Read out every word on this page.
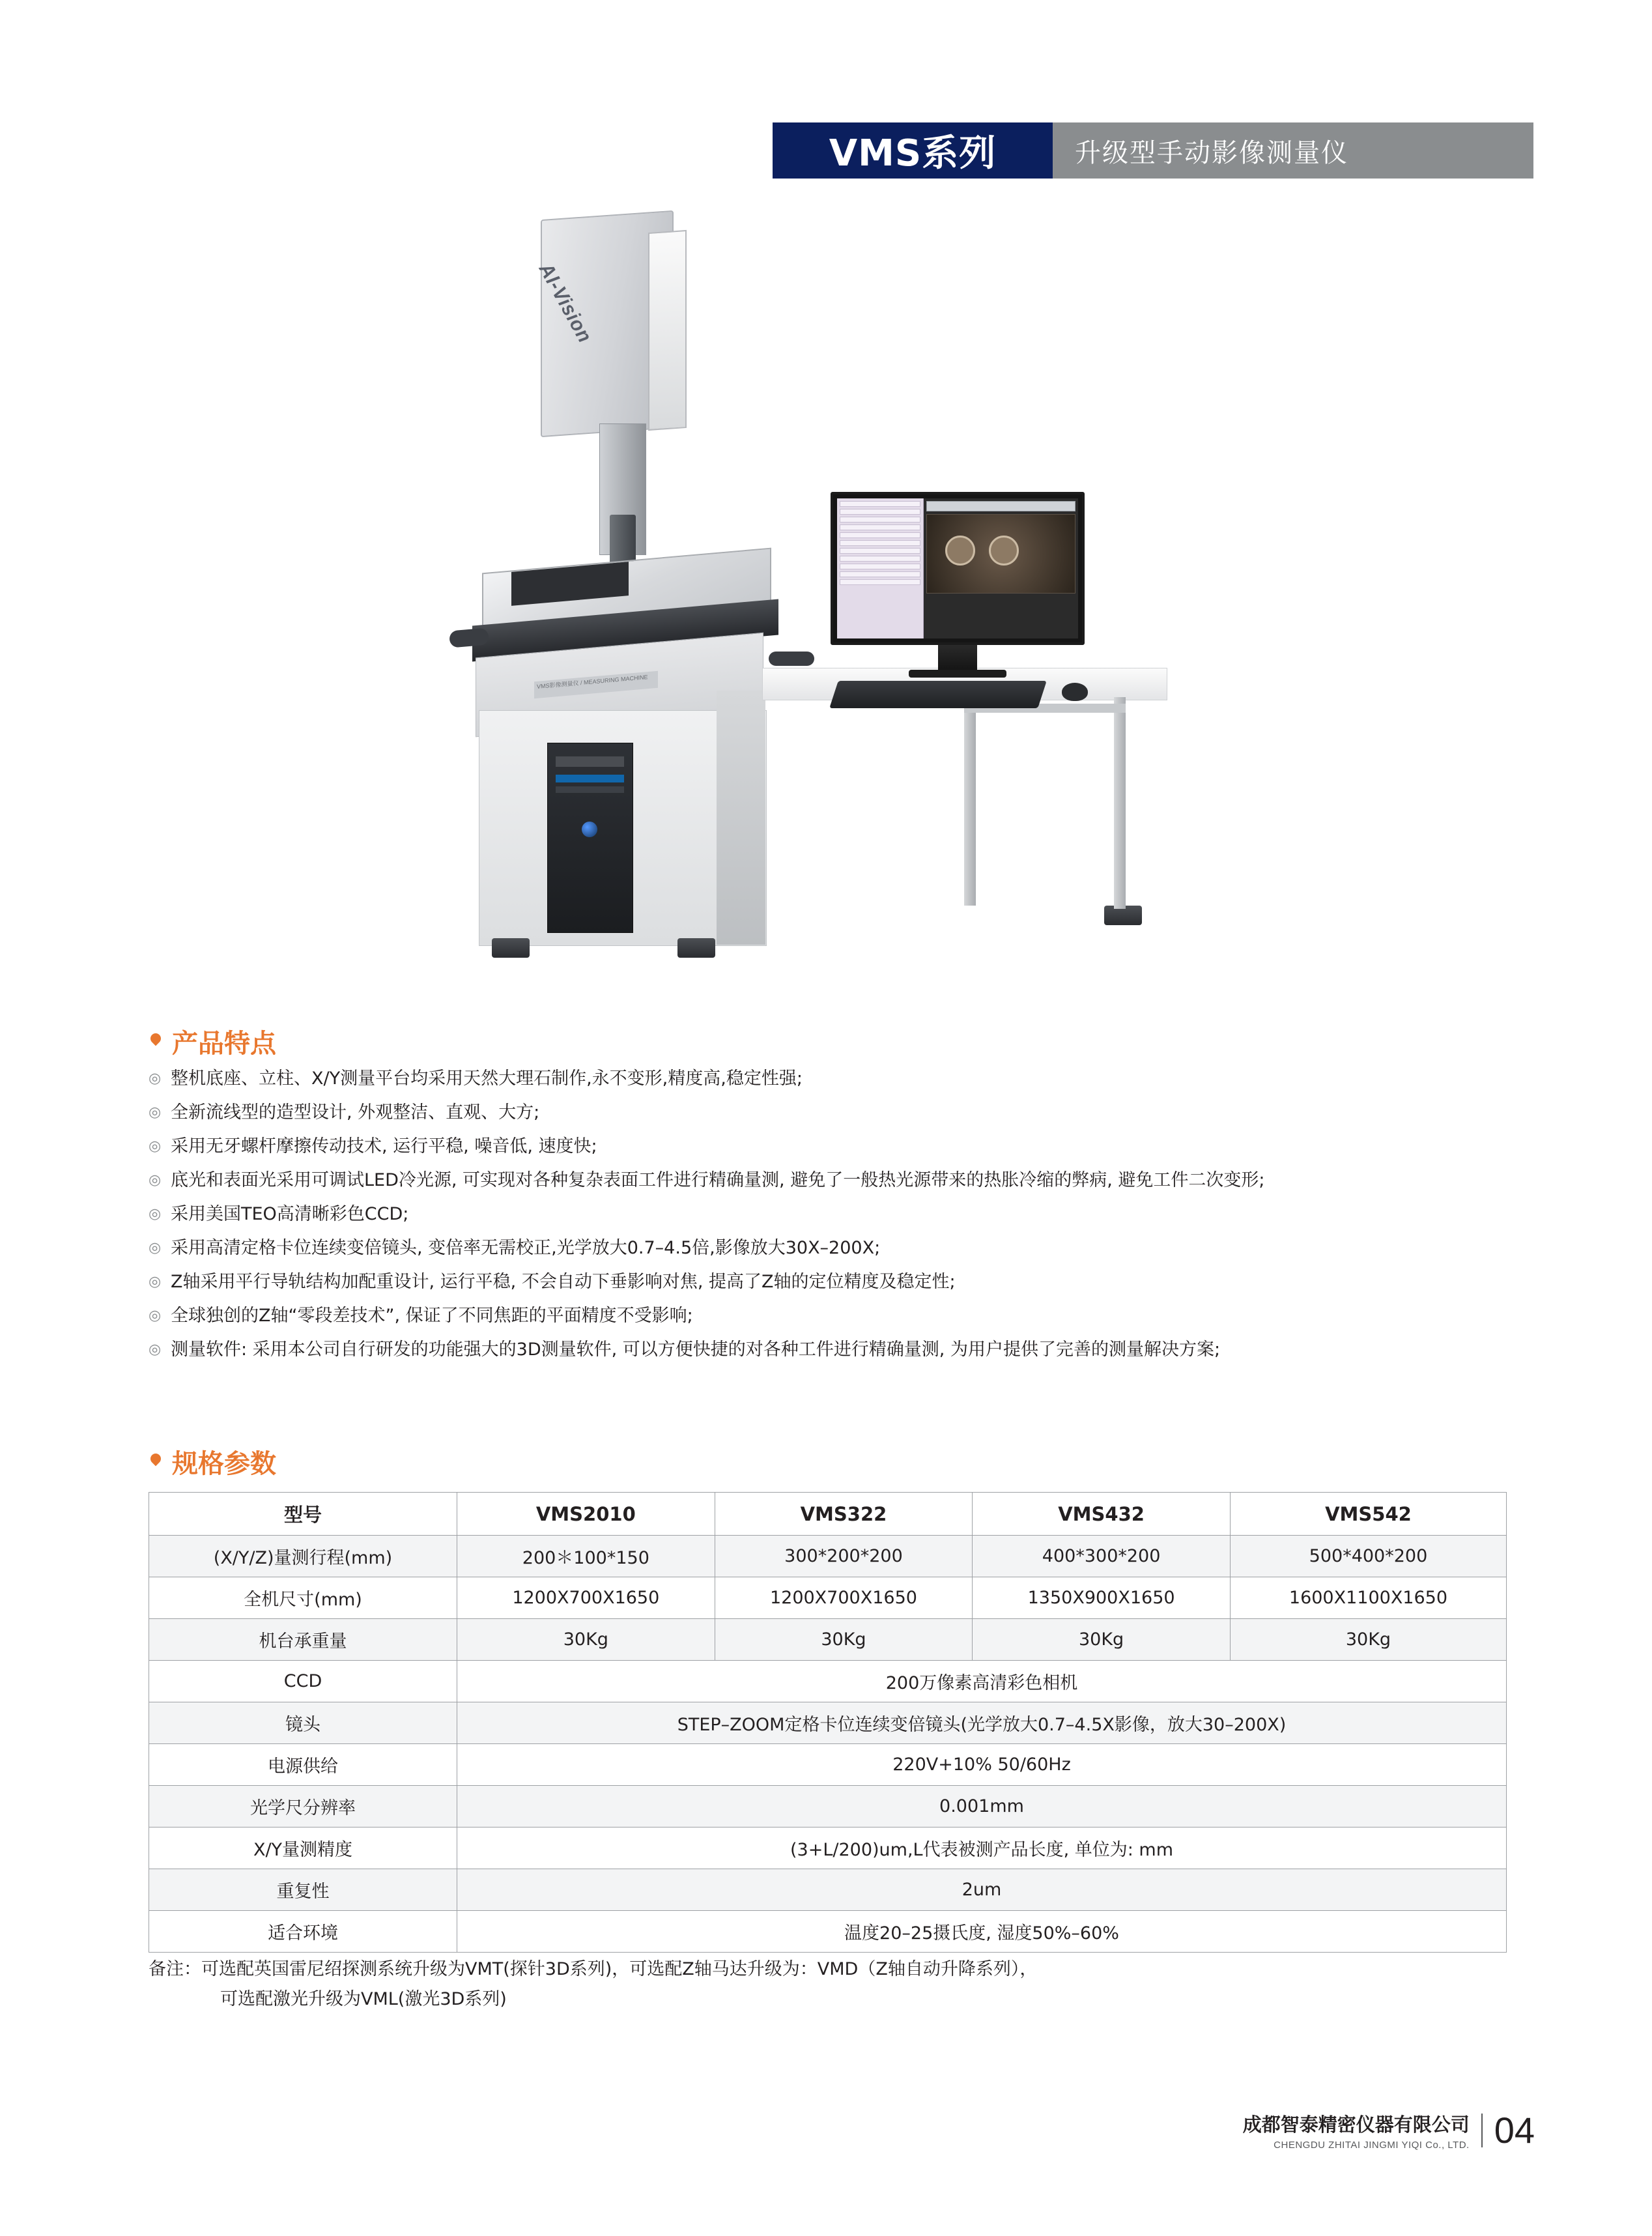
VMS系列	升级型手动影像测量仪
AI-Vision
VMS影像测量仪 / MEASURING MACHINE
产品特点
◎ 整机底座、立柱、X/Y测量平台均采用天然大理石制作,永不变形,精度高,稳定性强;
◎ 全新流线型的造型设计, 外观整洁、直观、大方;
◎ 采用无牙螺杆摩擦传动技术, 运行平稳, 噪音低, 速度快;
◎ 底光和表面光采用可调试LED冷光源, 可实现对各种复杂表面工件进行精确量测, 避免了一般热光源带来的热胀冷缩的弊病, 避免工件二次变形;
◎ 采用美国TEO高清晰彩色CCD;
◎ 采用高清定格卡位连续变倍镜头, 变倍率无需校正,光学放大0.7–4.5倍,影像放大30X–200X;
◎ Z轴采用平行导轨结构加配重设计, 运行平稳, 不会自动下垂影响对焦, 提高了Z轴的定位精度及稳定性;
◎ 全球独创的Z轴“零段差技术”, 保证了不同焦距的平面精度不受影响;
◎ 测量软件: 采用本公司自行研发的功能强大的3D测量软件, 可以方便快捷的对各种工件进行精确量测, 为用户提供了完善的测量解决方案;
规格参数
型号	VMS2010	VMS322	VMS432	VMS542
(X/Y/Z)量测行程(mm)	200＊100*150	300*200*200	400*300*200	500*400*200
全机尺寸(mm)	1200X700X1650	1200X700X1650	1350X900X1650	1600X1100X1650
机台承重量	30Kg	30Kg	30Kg	30Kg
CCD	200万像素高清彩色相机			
镜头	STEP–ZOOM定格卡位连续变倍镜头(光学放大0.7–4.5X影像，放大30–200X)			
电源供给	220V+10% 50/60Hz			
光学尺分辨率	0.001mm			
X/Y量测精度	(3+L/200)um,L代表被测产品长度, 单位为: mm			
重复性	2um			
适合环境	温度20–25摄氏度, 湿度50%–60%			
备注：可选配英国雷尼绍探测系统升级为VMT(探针3D系列)，可选配Z轴马达升级为：VMD（Z轴自动升降系列），
可选配激光升级为VML(激光3D系列)
成都智泰精密仪器有限公司
CHENGDU ZHITAI JINGMI YIQI Co., LTD. 04
